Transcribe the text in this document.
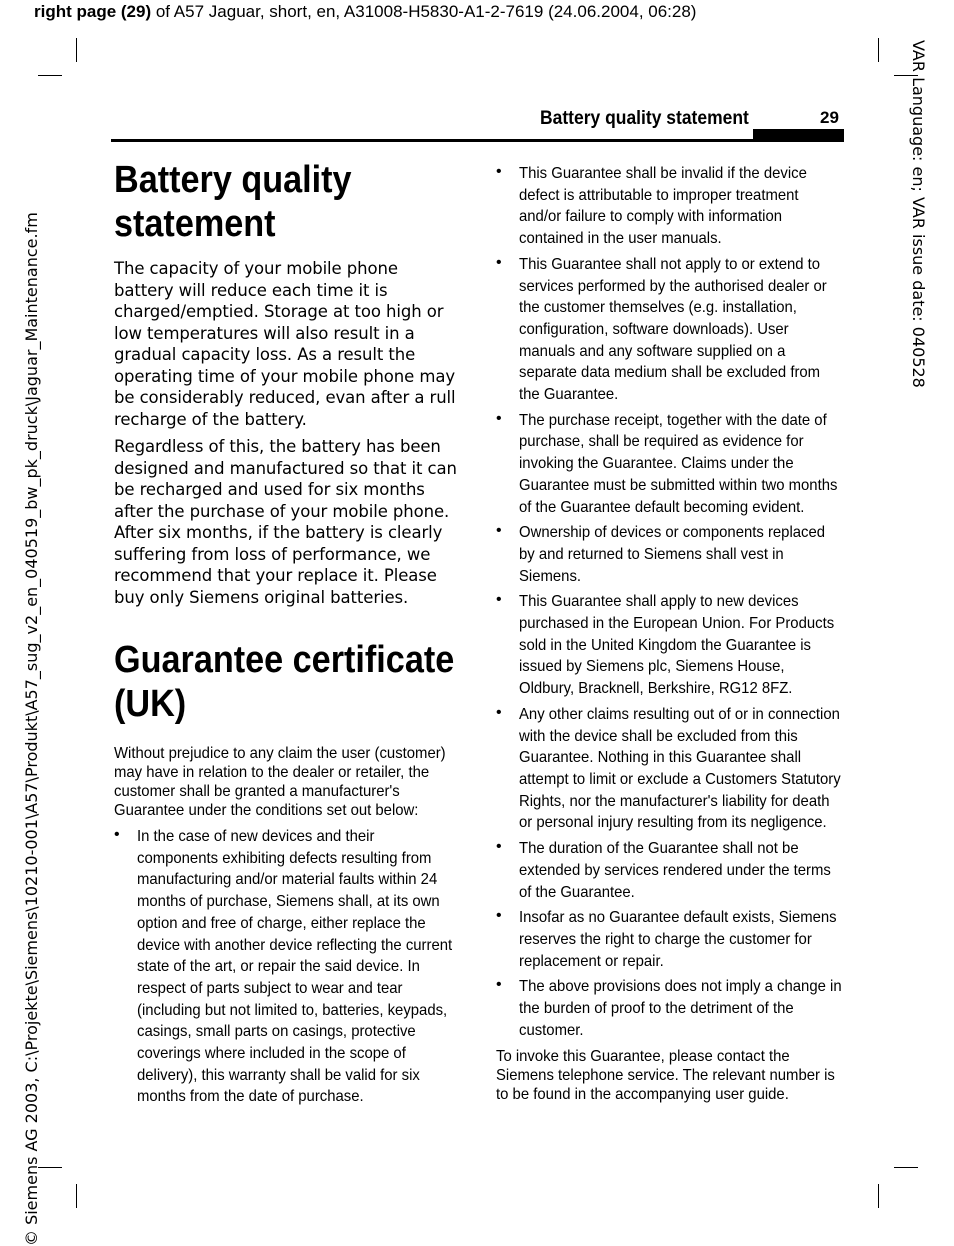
right page (29) of A57 Jaguar, short, en, A31008-H5830-A1-2-7619 (24.06.2004, 06:28)
VAR Language: en; VAR issue date: 040528
© Siemens AG 2003, C:\Projekte\Siemens\10210-001\A57\Produkt\A57_sug_v2_en_040519_bw_pk_druck\Jaguar_Maintenance.fm
Battery quality statement	29
Battery quality statement

The capacity of your mobile phone battery will reduce each time it is charged/emptied. Storage at too high or low temperatures will also result in a gradual capacity loss. As a result the operating time of your mobile phone may be considerably reduced, evan after a rull recharge of the battery.

Regardless of this, the battery has been designed and manufactured so that it can be recharged and used for six months after the purchase of your mobile phone. After six months, if the battery is clearly suffering from loss of performance, we recommend that your replace it. Please buy only Siemens original batteries.

Guarantee certificate (UK)

Without prejudice to any claim the user (customer) may have in relation to the dealer or retailer, the customer shall be granted a manufacturer's Guarantee under the conditions set out below:

• In the case of new devices and their components exhibiting defects resulting from manufacturing and/or material faults within 24 months of purchase, Siemens shall, at its own option and free of charge, either replace the device with another device reflecting the current state of the art, or repair the said device. In respect of parts subject to wear and tear (including but not limited to, batteries, keypads, casings, small parts on casings, protective coverings where included in the scope of delivery), this warranty shall be valid for six months from the date of purchase.
• This Guarantee shall be invalid if the device defect is attributable to improper treatment and/or failure to comply with information contained in the user manuals.
• This Guarantee shall not apply to or extend to services performed by the authorised dealer or the customer themselves (e.g. installation, configuration, software downloads). User manuals and any software supplied on a separate data medium shall be excluded from the Guarantee.
• The purchase receipt, together with the date of purchase, shall be required as evidence for invoking the Guarantee. Claims under the Guarantee must be submitted within two months of the Guarantee default becoming evident.
• Ownership of devices or components replaced by and returned to Siemens shall vest in Siemens.
• This Guarantee shall apply to new devices purchased in the European Union. For Products sold in the United Kingdom the Guarantee is issued by Siemens plc, Siemens House, Oldbury, Bracknell, Berkshire, RG12 8FZ.
• Any other claims resulting out of or in connection with the device shall be excluded from this Guarantee. Nothing in this Guarantee shall attempt to limit or exclude a Customers Statutory Rights, nor the manufacturer's liability for death or personal injury resulting from its negligence.
• The duration of the Guarantee shall not be extended by services rendered under the terms of the Guarantee.
• Insofar as no Guarantee default exists, Siemens reserves the right to charge the customer for replacement or repair.
• The above provisions does not imply a change in the burden of proof to the detriment of the customer.

To invoke this Guarantee, please contact the Siemens telephone service. The relevant number is to be found in the accompanying user guide.
